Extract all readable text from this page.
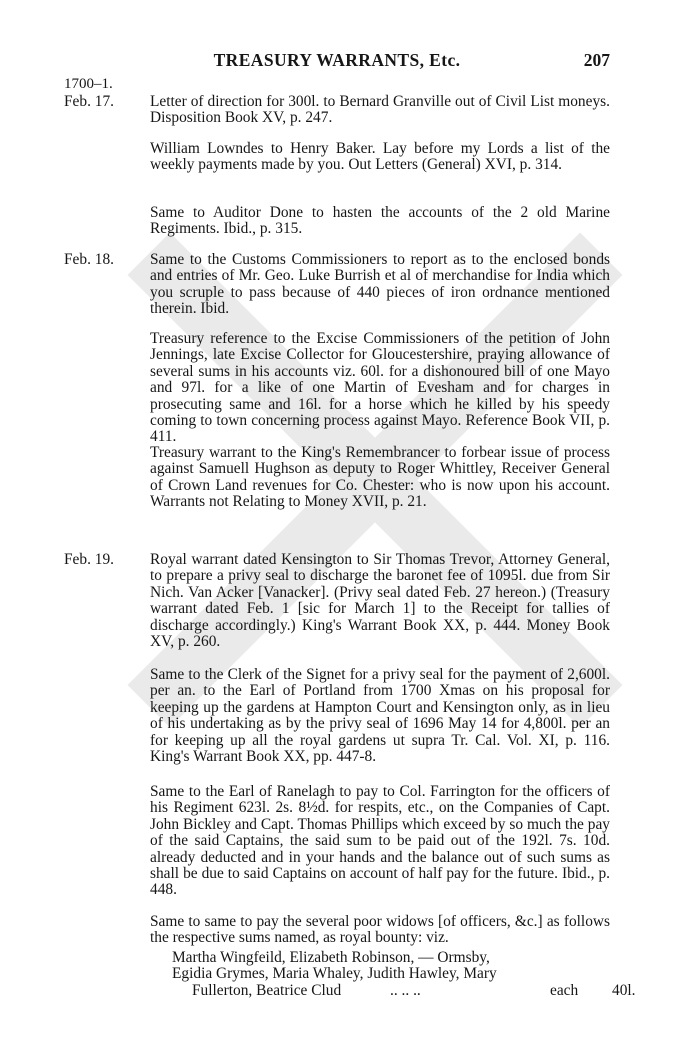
TREASURY WARRANTS, Etc.	207
1700–1.
Feb. 17.	Letter of direction for 300l. to Bernard Granville out of Civil List moneys. Disposition Book XV, p. 247.
William Lowndes to Henry Baker. Lay before my Lords a list of the weekly payments made by you. Out Letters (General) XVI, p. 314.
Same to Auditor Done to hasten the accounts of the 2 old Marine Regiments. Ibid., p. 315.
Feb. 18.	Same to the Customs Commissioners to report as to the enclosed bonds and entries of Mr. Geo. Luke Burrish et al of merchandise for India which you scruple to pass because of 440 pieces of iron ordnance mentioned therein. Ibid.
Treasury reference to the Excise Commissioners of the petition of John Jennings, late Excise Collector for Gloucestershire, praying allowance of several sums in his accounts viz. 60l. for a dishonoured bill of one Mayo and 97l. for a like of one Martin of Evesham and for charges in prosecuting same and 16l. for a horse which he killed by his speedy coming to town concerning process against Mayo. Reference Book VII, p. 411.
Treasury warrant to the King's Remembrancer to forbear issue of process against Samuell Hughson as deputy to Roger Whittley, Receiver General of Crown Land revenues for Co. Chester: who is now upon his account. Warrants not Relating to Money XVII, p. 21.
Feb. 19.	Royal warrant dated Kensington to Sir Thomas Trevor, Attorney General, to prepare a privy seal to discharge the baronet fee of 1095l. due from Sir Nich. Van Acker [Vanacker]. (Privy seal dated Feb. 27 hereon.) (Treasury warrant dated Feb. 1 [sic for March 1] to the Receipt for tallies of discharge accordingly.) King's Warrant Book XX, p. 444. Money Book XV, p. 260.
Same to the Clerk of the Signet for a privy seal for the payment of 2,600l. per an. to the Earl of Portland from 1700 Xmas on his proposal for keeping up the gardens at Hampton Court and Kensington only, as in lieu of his undertaking as by the privy seal of 1696 May 14 for 4,800l. per an for keeping up all the royal gardens ut supra Tr. Cal. Vol. XI, p. 116. King's Warrant Book XX, pp. 447-8.
Same to the Earl of Ranelagh to pay to Col. Farrington for the officers of his Regiment 623l. 2s. 8½d. for respits, etc., on the Companies of Capt. John Bickley and Capt. Thomas Phillips which exceed by so much the pay of the said Captains, the said sum to be paid out of the 192l. 7s. 10d. already deducted and in your hands and the balance out of such sums as shall be due to said Captains on account of half pay for the future. Ibid., p. 448.
Same to same to pay the several poor widows [of officers, &c.] as follows the respective sums named, as royal bounty: viz.
Martha Wingfeild, Elizabeth Robinson, — Ormsby,
Egidia Grymes, Maria Whaley, Judith Hawley, Mary
Fullerton, Beatrice Clud	.. .. ..	each 40l.
